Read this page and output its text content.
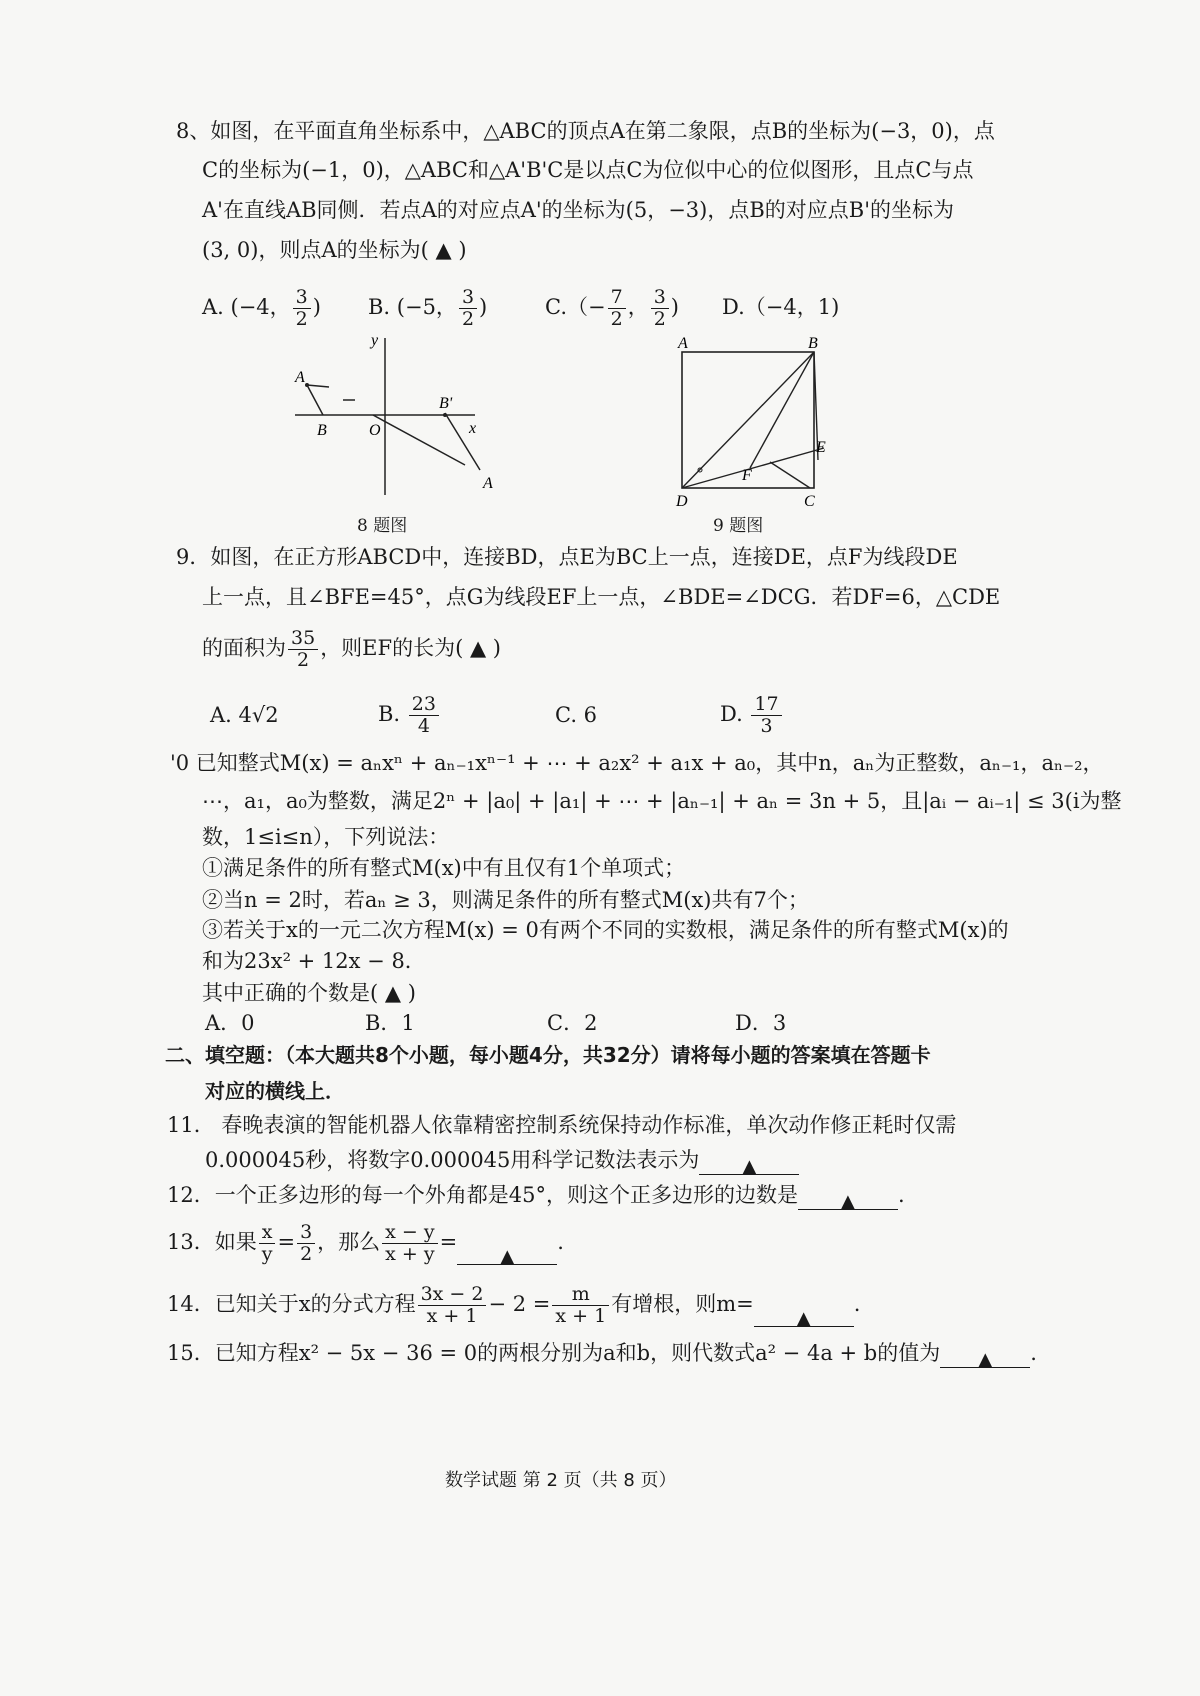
8、如图，在平面直角坐标系中，△ABC的顶点A在第二象限，点B的坐标为(−3，0)，点
C的坐标为(−1，0)，△ABC和△A'B'C是以点C为位似中心的位似图形，且点C与点
A'在直线AB同侧．若点A的对应点A'的坐标为(5，−3)，点B的对应点B'的坐标为
(3, 0)，则点A的坐标为( ▲ )
A. (−4， $\frac{3}{2}$ ) B. (−5， $\frac{3}{2}$ )	$C.(- \frac{7}{2}$ ， $\frac{3}{2}$ ) D.（−4，1)
y
x
A
B	O
B'
A
8 题图
A	B
C
D
E
F
9 题图
9．如图，在正方形ABCD中，连接BD，点E为BC上一点，连接DE，点F为线段DE
上一点，且∠BFE=45°，点G为线段EF上一点，∠BDE=∠DCG．若DF=6，△CDE
的面积为 $\frac{35}{2}$ ，则EF的长为( ▲ )
A. 4√2	B. $\frac{23}{4}$	C. 6	D. $\frac{17}{3}$
'0 已知整式M(x) = aₙxⁿ + aₙ₋₁xⁿ⁻¹ + ⋯ + a₂x² + a₁x + a₀，其中n，aₙ为正整数，aₙ₋₁，aₙ₋₂，
⋯，a₁，a₀为整数，满足2ⁿ + |a₀| + |a₁| + ⋯ + |aₙ₋₁| + aₙ = 3n + 5，且|aᵢ − aᵢ₋₁| ≤ 3(i为整
数，1≤i≤n），下列说法：
①满足条件的所有整式M(x)中有且仅有1个单项式；
②当n = 2时，若aₙ ≥ 3，则满足条件的所有整式M(x)共有7个；
③若关于x的一元二次方程M(x) = 0有两个不同的实数根，满足条件的所有整式M(x)的
和为23x² + 12x − 8．
其中正确的个数是( ▲ )
A．0	B．1	C．2	D．3
二、填空题：（本大题共8个小题，每小题4分，共32分）请将每小题的答案填在答题卡
对应的横线上．
11． 春晚表演的智能机器人依靠精密控制系统保持动作标准，单次动作修正耗时仅需
0.000045秒，将数字0.000045用科学记数法表示为 ▲
12．一个正多边形的每一个外角都是45°，则这个正多边形的边数是 ▲ .
13．如果 $\frac{x}{y} = \frac{3}{2}$ ，那么 $\frac{x - y}{x + y}$ =▲.
14．已知关于x的分式方程 $\frac{3x - 2}{x + 1} - 2 = \frac{m}{x + 1}$ 有增根，则m=▲.
15．已知方程x² − 5x − 36 = 0的两根分别为a和b，则代数式a² − 4a + b的值为 ▲ .
数学试题 第 2 页（共 8 页）
